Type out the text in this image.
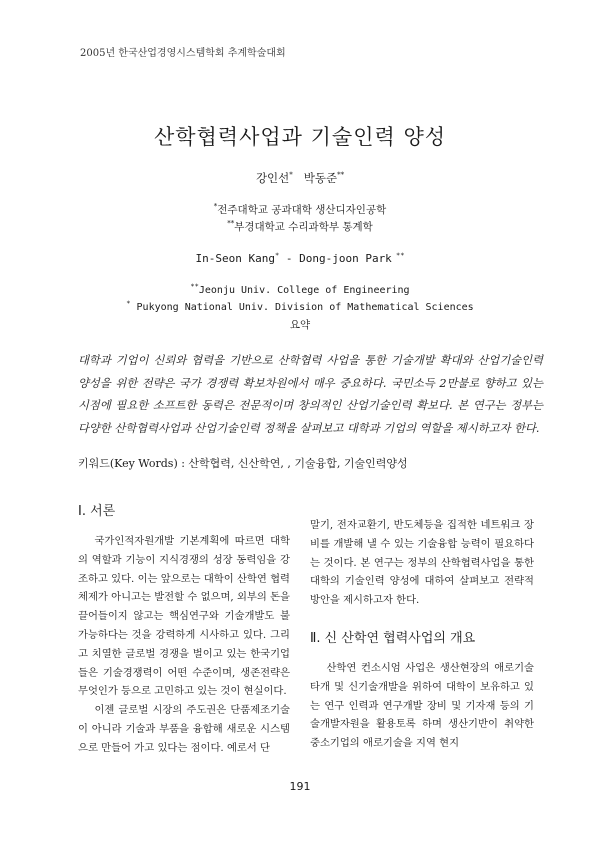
2005년 한국산업경영시스템학회 추계학술대회
산학협력사업과 기술인력 양성
강인선* 박동준**
*전주대학교 공과대학 생산디자인공학
**부경대학교 수리과학부 통계학
In-Seon Kang* - Dong-joon Park **
**Jeonju Univ. College of Engineering
* Pukyong National Univ. Division of Mathematical Sciences
요약
대학과 기업이 신뢰와 협력을 기반으로 산학협력 사업을 통한 기술개발 확대와 산업기술인력 양성을 위한 전략은 국가 경쟁력 확보차원에서 매우 중요하다. 국민소득 2만불로 향하고 있는 시점에 필요한 소프트한 동력은 전문적이며 창의적인 산업기술인력 확보다. 본 연구는 정부는 다양한 산학협력사업과 산업기술인력 정책을 살펴보고 대학과 기업의 역할을 제시하고자 한다.
키워드(Key Words) : 산학협력, 신산학연, , 기술융합, 기술인력양성
Ⅰ. 서론

국가인적자원개발 기본계획에 따르면 대학의 역할과 기능이 지식경쟁의 성장 동력임을 강조하고 있다. 이는 앞으로는 대학이 산학연 협력체제가 아니고는 발전할 수 없으며, 외부의 돈을 끌어들이지 않고는 핵심연구와 기술개발도 불가능하다는 것을 강력하게 시사하고 있다. 그리고 치열한 글로벌 경쟁을 벌이고 있는 한국기업들은 기술경쟁력이 어떤 수준이며, 생존전략은 무엇인가 등으로 고민하고 있는 것이 현실이다.

이젠 글로벌 시장의 주도권은 단품제조기술이 아니라 기술과 부품을 융합해 새로운 시스템으로 만들어 가고 있다는 점이다. 예로서 단

말기, 전자교환기, 반도체등을 집적한 네트워크 장비를 개발해 낼 수 있는 기술융합 능력이 필요하다는 것이다. 본 연구는 정부의 산학협력사업을 통한 대학의 기술인력 양성에 대하여 살펴보고 전략적 방안을 제시하고자 한다.

Ⅱ. 신 산학연 협력사업의 개요

산학연 컨소시엄 사업은 생산현장의 애로기술 타개 및 신기술개발을 위하여 대학이 보유하고 있는 연구 인력과 연구개발 장비 및 기자재 등의 기술개발자원을 활용토록 하며 생산기반이 취약한 중소기업의 애로기술을 지역 현지

191
